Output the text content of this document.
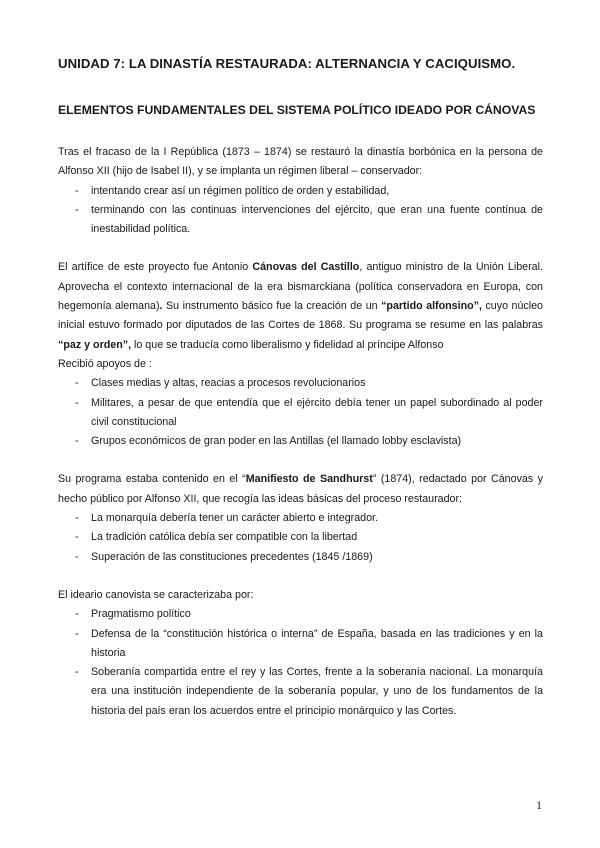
UNIDAD 7: LA DINASTÍA RESTAURADA: ALTERNANCIA Y CACIQUISMO.
ELEMENTOS FUNDAMENTALES DEL SISTEMA POLÍTICO IDEADO POR CÁNOVAS

Tras el fracaso de la I República (1873 – 1874) se restauró la dinastía borbónica en la persona de Alfonso XII (hijo de Isabel II), y se implanta un régimen liberal – conservador:

- intentando crear así un régimen político de orden y estabilidad,
- terminando con las continuas intervenciones del ejército, que eran una fuente contínua de inestabilidad política.

El artífice de este proyecto fue Antonio Cánovas del Castillo, antiguo ministro de la Unión Liberal. Aprovecha el contexto internacional de la era bismarckiana (política conservadora en Europa, con hegemonía alemana). Su instrumento básico fue la creación de un “partido alfonsino”, cuyo núcleo inicial estuvo formado por diputados de las Cortes de 1868. Su programa se resume en las palabras “paz y orden”, lo que se traducía como liberalismo y fidelidad al príncipe Alfonso

Recibió apoyos de :

- Clases medias y altas, reacias a procesos revolucionarios
- Militares, a pesar de que entendía que el ejército debía tener un papel subordinado al poder civil constitucional
- Grupos económicos de gran poder en las Antillas (el llamado lobby esclavista)

Su programa estaba contenido en el “Manifiesto de Sandhurst” (1874), redactado por Cánovas y hecho público por Alfonso XII, que recogía las ideas básicas del proceso restaurador:

- La monarquía debería tener un carácter abierto e integrador.
- La tradición católica debía ser compatible con la libertad
- Superación de las constituciones precedentes (1845 /1869)

El ideario canovista se caracterizaba por:

- Pragmatismo político
- Defensa de la “constitución histórica o interna” de España, basada en las tradiciones y en la historia
- Soberanía compartida entre el rey y las Cortes, frente a la soberanía nacional. La monarquía era una institución independiente de la soberanía popular, y uno de los fundamentos de la historia del país eran los acuerdos entre el principio monárquico y las Cortes.
1
